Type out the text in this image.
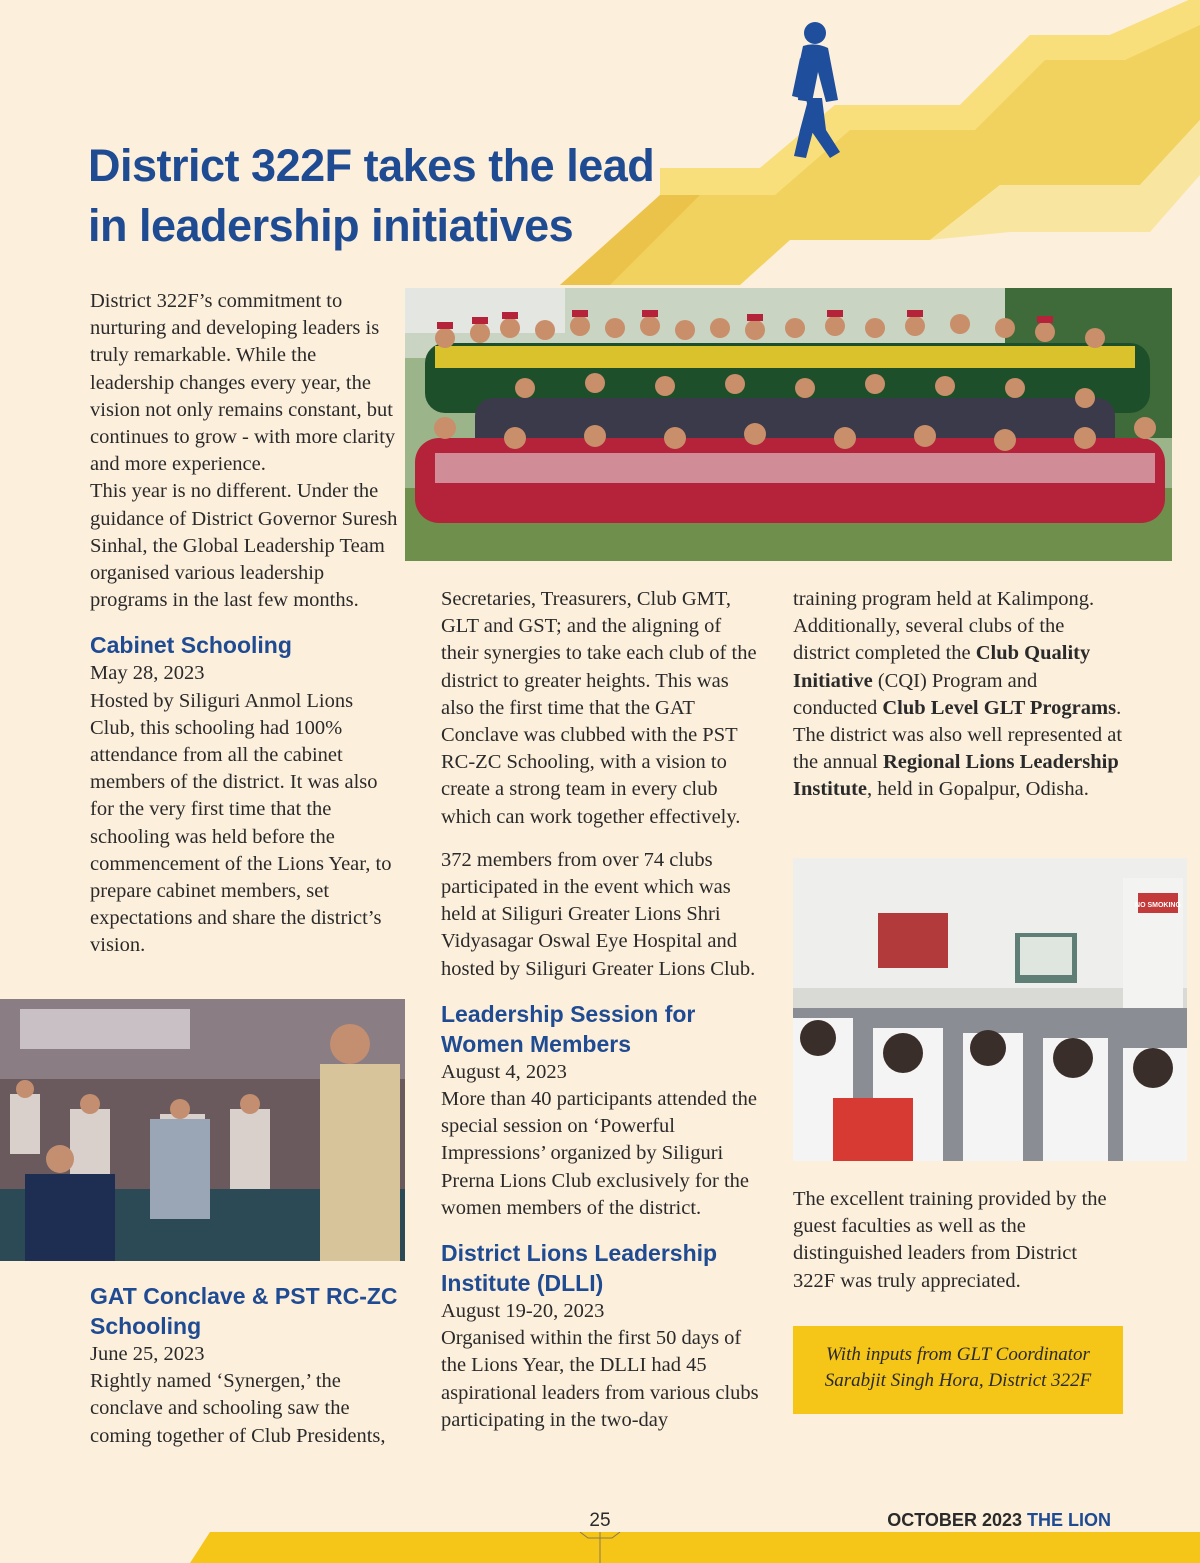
District 322F takes the lead in leadership initiatives

District 322F’s commitment to nurturing and developing leaders is truly remarkable. While the leadership changes every year, the vision not only remains constant, but continues to grow - with more clarity and more experience.

This year is no different. Under the guidance of District Governor Suresh Sinhal, the Global Leadership Team organised various leadership programs in the last few months.

Cabinet Schooling

May 28, 2023

Hosted by Siliguri Anmol Lions Club, this schooling had 100% attendance from all the cabinet members of the district. It was also for the very first time that the schooling was held before the commencement of the Lions Year, to prepare cabinet members, set expectations and share the district’s vision.

GAT Conclave & PST RC-ZC Schooling

June 25, 2023

Rightly named ‘Synergen,’ the conclave and schooling saw the coming together of Club Presidents,

Secretaries, Treasurers, Club GMT, GLT and GST; and the aligning of their synergies to take each club of the district to greater heights. This was also the first time that the GAT Conclave was clubbed with the PST RC-ZC Schooling, with a vision to create a strong team in every club which can work together effectively.

372 members from over 74 clubs participated in the event which was held at Siliguri Greater Lions Shri Vidyasagar Oswal Eye Hospital and hosted by Siliguri Greater Lions Club.

Leadership Session for Women Members

August 4, 2023

More than 40 participants attended the special session on ‘Powerful Impressions’ organized by Siliguri Prerna Lions Club exclusively for the women members of the district.

District Lions Leadership Institute (DLLI)

August 19-20, 2023

Organised within the first 50 days of the Lions Year, the DLLI had 45 aspirational leaders from various clubs participating in the two-day

training program held at Kalimpong. Additionally, several clubs of the district completed the Club Quality Initiative (CQI) Program and conducted Club Level GLT Programs. The district was also well represented at the annual Regional Lions Leadership Institute, held in Gopalpur, Odisha.

NO SMOKING

The excellent training provided by the guest faculties as well as the distinguished leaders from District 322F was truly appreciated.

With inputs from GLT Coordinator
Sarabjit Singh Hora, District 322F
25	OCTOBER 2023 THE LION
